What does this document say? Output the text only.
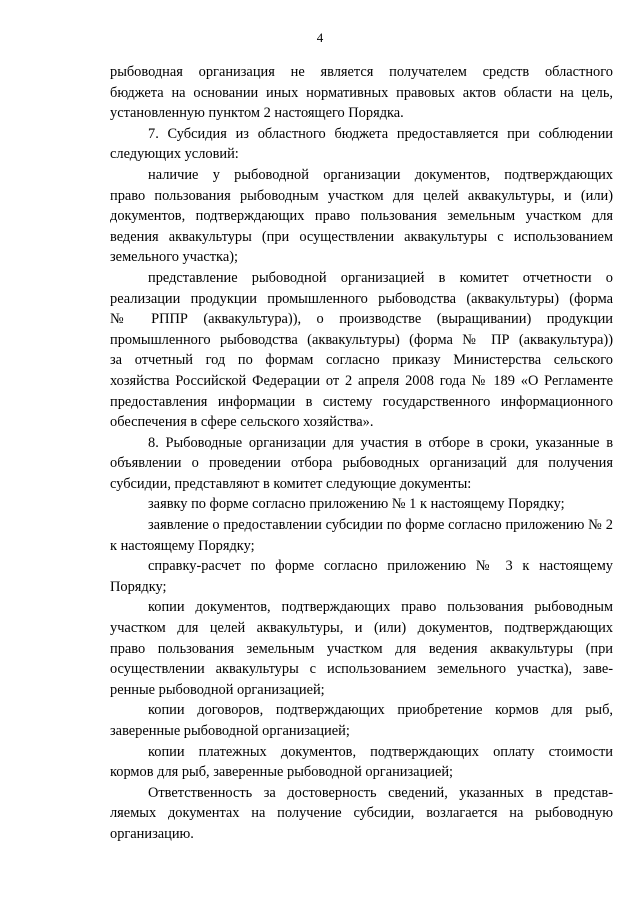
4
рыбоводная организация не является получателем средств областного
бюджета на основании иных нормативных правовых актов области на цель,
установленную пунктом 2 настоящего Порядка.
7. Субсидия из областного бюджета предоставляется при соблюдении
следующих условий:
наличие у рыбоводной организации документов, подтверждающих
право пользования рыбоводным участком для целей аквакультуры, и (или)
документов, подтверждающих право пользования земельным участком для
ведения аквакультуры (при осуществлении аквакультуры с использованием
земельного участка);
представление рыбоводной организацией в комитет отчетности о
реализации продукции промышленного рыбоводства (аквакультуры) (форма
№ РППР (аквакультура)), о производстве (выращивании) продукции
промышленного рыбоводства (аквакультуры) (форма № ПР (аквакультура))
за отчетный год по формам согласно приказу Министерства сельского
хозяйства Российской Федерации от 2 апреля 2008 года № 189 «О Регламенте
предоставления информации в систему государственного информационного
обеспечения в сфере сельского хозяйства».
8. Рыбоводные организации для участия в отборе в сроки, указанные в
объявлении о проведении отбора рыбоводных организаций для получения
субсидии, представляют в комитет следующие документы:
заявку по форме согласно приложению № 1 к настоящему Порядку;
заявление о предоставлении субсидии по форме согласно приложению № 2
к настоящему Порядку;
справку-расчет по форме согласно приложению № 3 к настоящему
Порядку;
копии документов, подтверждающих право пользования рыбоводным
участком для целей аквакультуры, и (или) документов, подтверждающих
право пользования земельным участком для ведения аквакультуры (при
осуществлении аквакультуры с использованием земельного участка), заве-
ренные рыбоводной организацией;
копии договоров, подтверждающих приобретение кормов для рыб,
заверенные рыбоводной организацией;
копии платежных документов, подтверждающих оплату стоимости
кормов для рыб, заверенные рыбоводной организацией;
Ответственность за достоверность сведений, указанных в представ-
ляемых документах на получение субсидии, возлагается на рыбоводную
организацию.
